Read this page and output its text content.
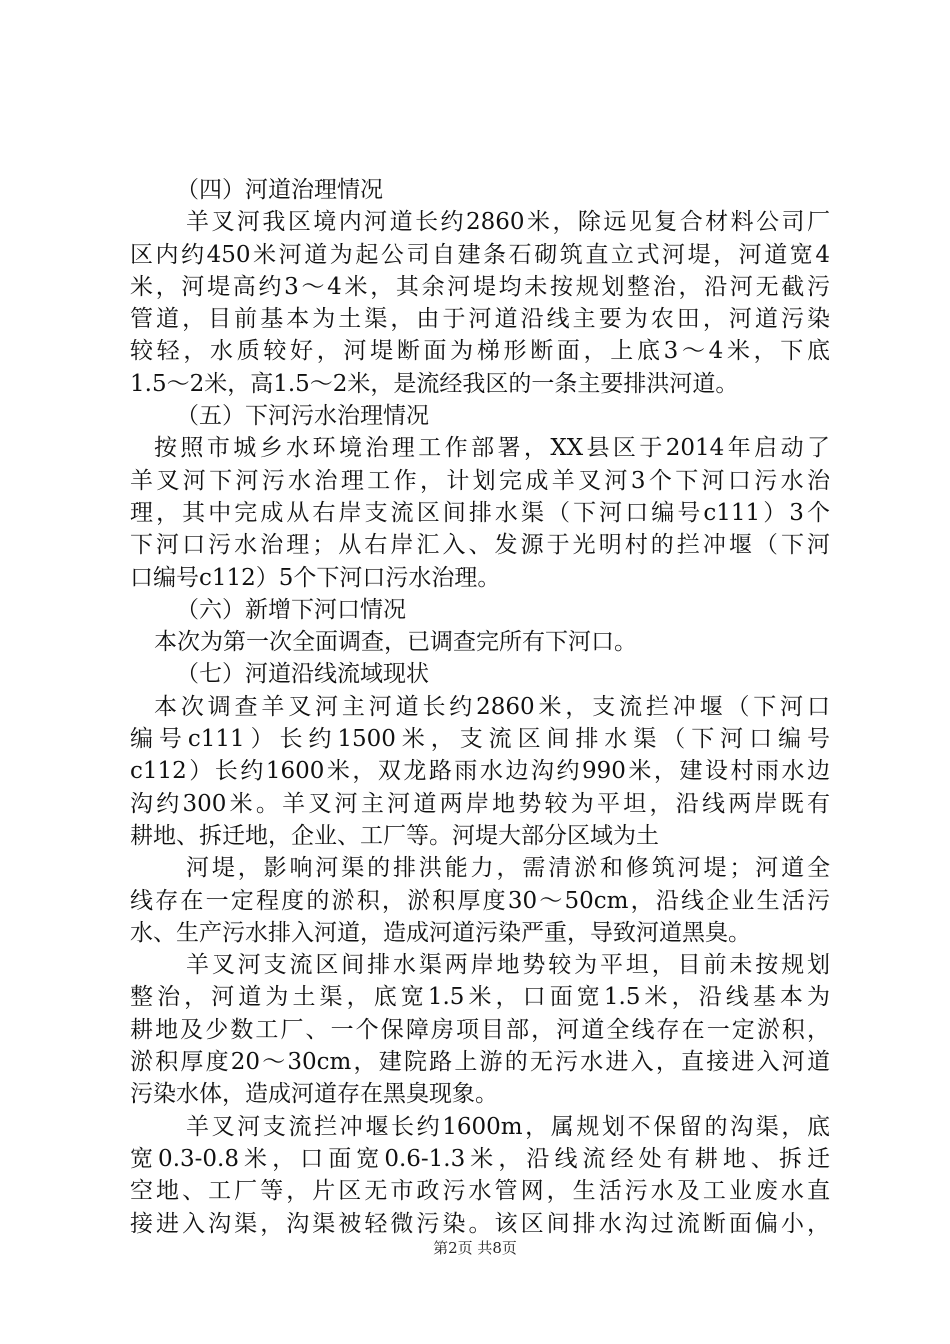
（四）河道治理情况
羊叉河我区境内河道长约2860米，除远见复合材料公司厂
区内约450米河道为起公司自建条石砌筑直立式河堤，河道宽4
米，河堤高约3～4米，其余河堤均未按规划整治，沿河无截污
管道，目前基本为土渠，由于河道沿线主要为农田，河道污染
较轻，水质较好，河堤断面为梯形断面，上底3～4米，下底
1.5～2米，高1.5～2米，是流经我区的一条主要排洪河道。
（五）下河污水治理情况
按照市城乡水环境治理工作部署，XX县区于2014年启动了
羊叉河下河污水治理工作，计划完成羊叉河3个下河口污水治
理，其中完成从右岸支流区间排水渠（下河口编号c111）3个
下河口污水治理；从右岸汇入、发源于光明村的拦冲堰（下河
口编号c112）5个下河口污水治理。
（六）新增下河口情况
本次为第一次全面调查，已调查完所有下河口。
（七）河道沿线流域现状
本次调查羊叉河主河道长约2860米，支流拦冲堰（下河口
编号c111）长约1500米，支流区间排水渠（下河口编号
c112）长约1600米，双龙路雨水边沟约990米，建设村雨水边
沟约300米。羊叉河主河道两岸地势较为平坦，沿线两岸既有
耕地、拆迁地，企业、工厂等。河堤大部分区域为土
河堤，影响河渠的排洪能力，需清淤和修筑河堤；河道全
线存在一定程度的淤积，淤积厚度30～50cm，沿线企业生活污
水、生产污水排入河道，造成河道污染严重，导致河道黑臭。
羊叉河支流区间排水渠两岸地势较为平坦，目前未按规划
整治，河道为土渠，底宽1.5米，口面宽1.5米，沿线基本为
耕地及少数工厂、一个保障房项目部，河道全线存在一定淤积，
淤积厚度20～30cm，建院路上游的无污水进入，直接进入河道
污染水体，造成河道存在黑臭现象。
羊叉河支流拦冲堰长约1600m，属规划不保留的沟渠，底
宽0.3-0.8米，口面宽0.6-1.3米，沿线流经处有耕地、拆迁
空地、工厂等，片区无市政污水管网，生活污水及工业废水直
接进入沟渠，沟渠被轻微污染。该区间排水沟过流断面偏小，
第2页 共8页
